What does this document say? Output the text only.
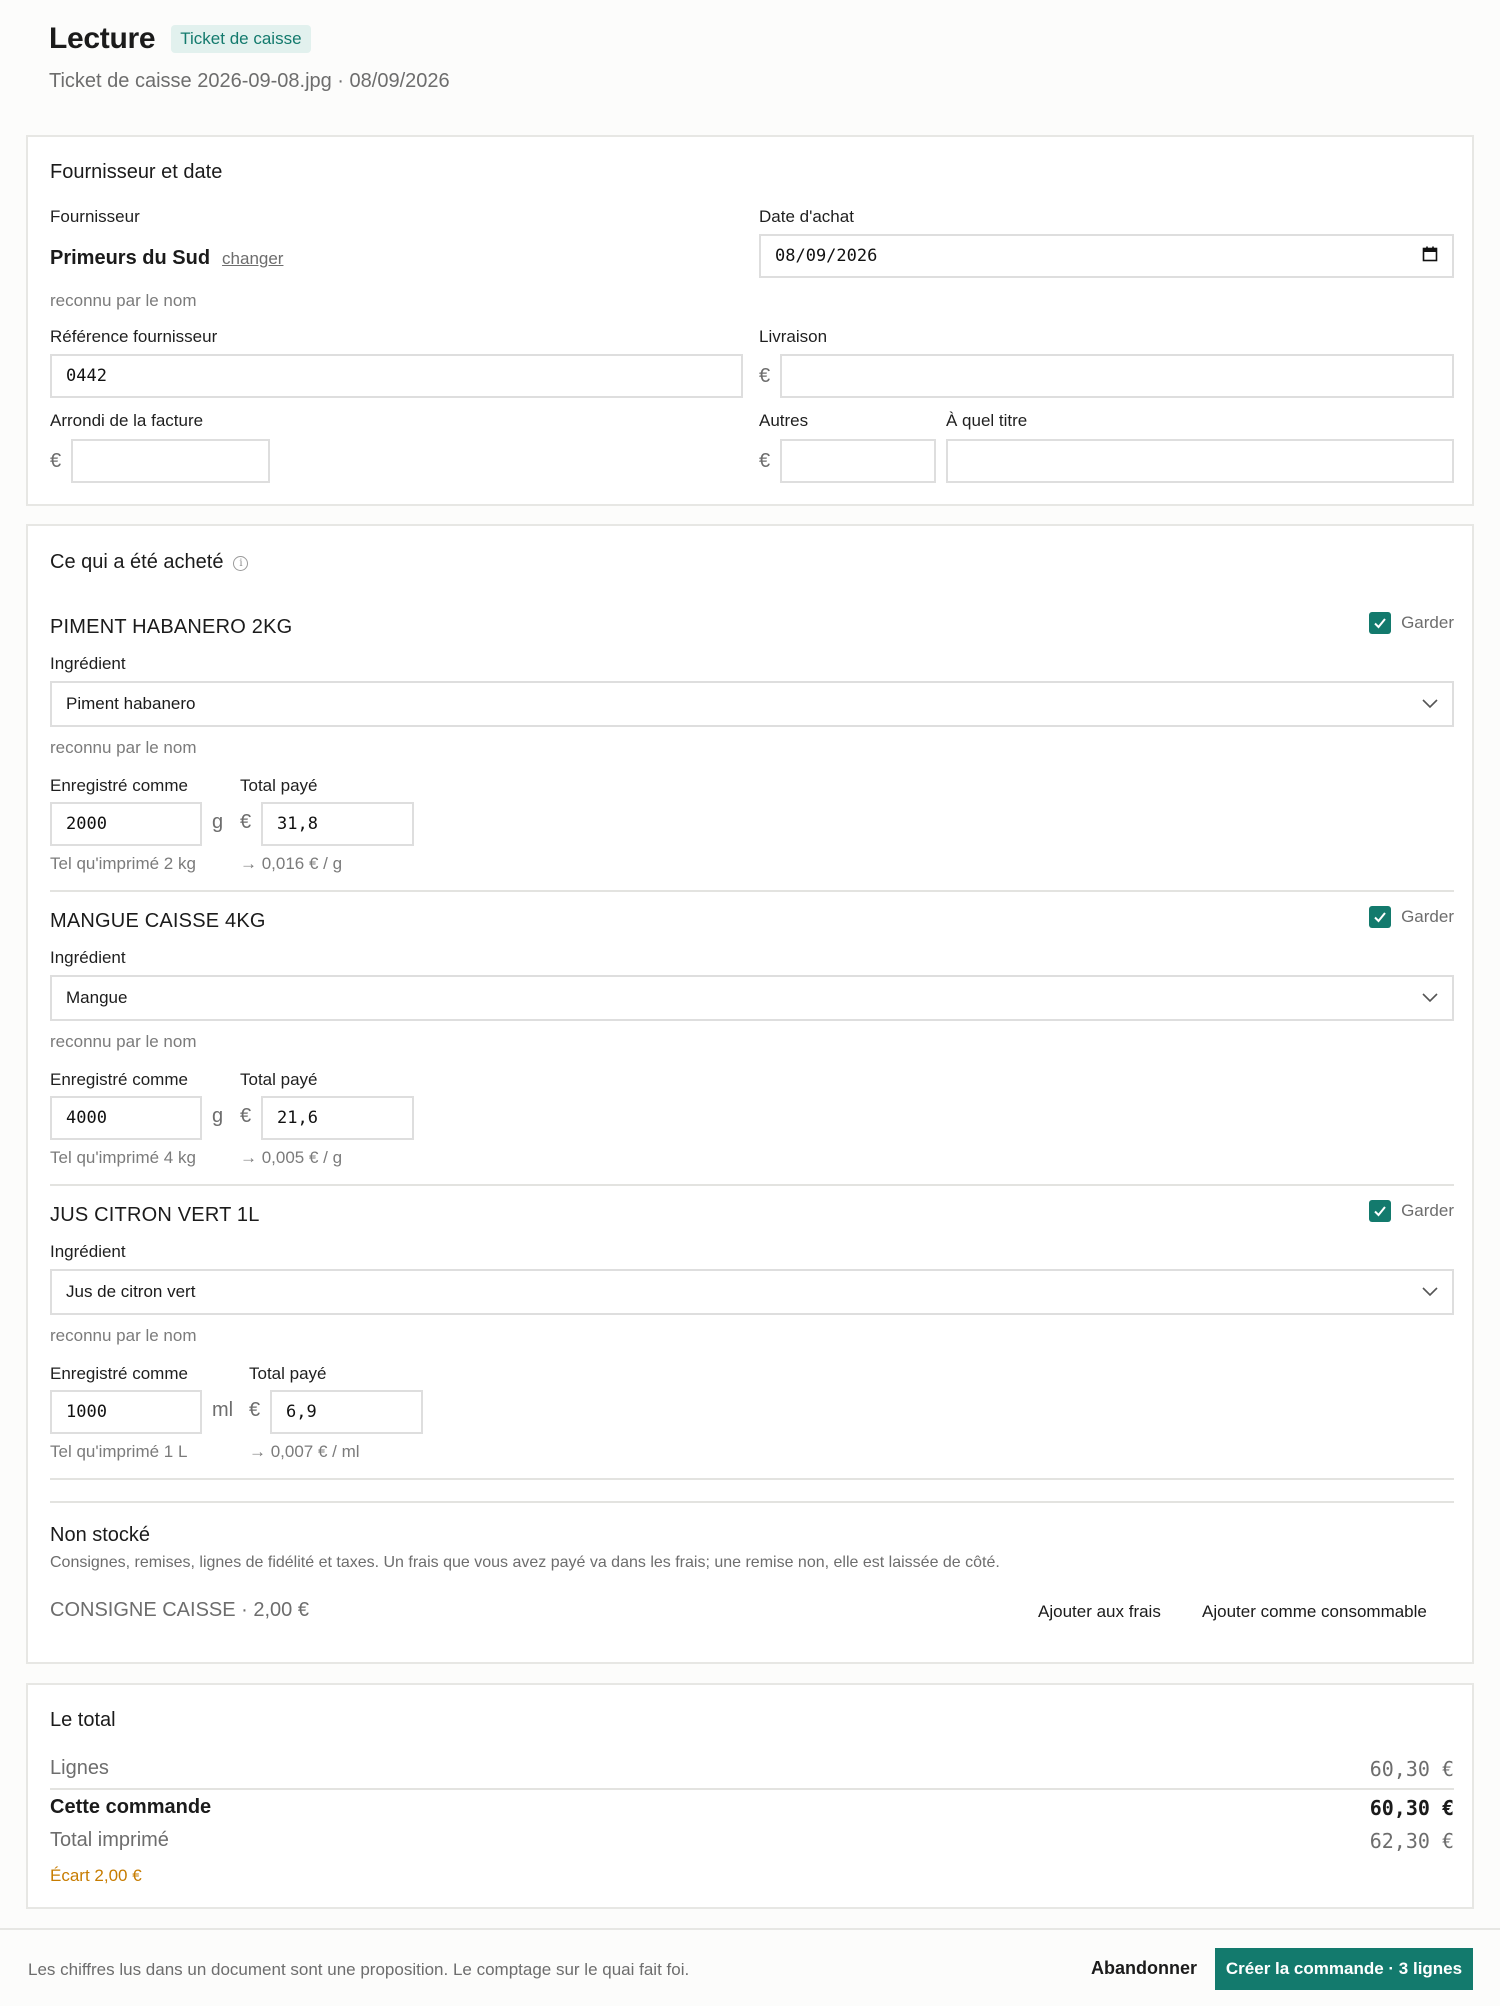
Lecture	Ticket de caisse
Ticket de caisse 2026-09-08.jpg · 08/09/2026
Fournisseur et date
Fournisseur
Primeurs du Sud changer
reconnu par le nom
Date d'achat
08/09/2026
Référence fournisseur
0442
Livraison
€
Arrondi de la facture
€
Autres
€
À quel titre
Ce qui a été acheté i
PIMENT HABANERO 2KG	Garder
Ingrédient
Piment habanero
reconnu par le nom
Enregistré comme	Total payé
2000	g €	31,8
Tel qu'imprimé 2 kg	→ 0,016 € / g
MANGUE CAISSE 4KG	Garder
Ingrédient
Mangue
reconnu par le nom
Enregistré comme	Total payé
4000	g €	21,6
Tel qu'imprimé 4 kg	→ 0,005 € / g
JUS CITRON VERT 1L	Garder
Ingrédient
Jus de citron vert
reconnu par le nom
Enregistré comme	Total payé
1000	ml €	6,9
Tel qu'imprimé 1 L	→ 0,007 € / ml
Non stocké
Consignes, remises, lignes de fidélité et taxes. Un frais que vous avez payé va dans les frais; une remise non, elle est laissée de côté.
CONSIGNE CAISSE · 2,00 €	Ajouter aux frais Ajouter comme consommable
Le total
Lignes	60,30 €
Cette commande	60,30 €
Total imprimé	62,30 €
Écart 2,00 €
Les chiffres lus dans un document sont une proposition. Le comptage sur le quai fait foi.	Abandonner	Créer la commande · 3 lignes
